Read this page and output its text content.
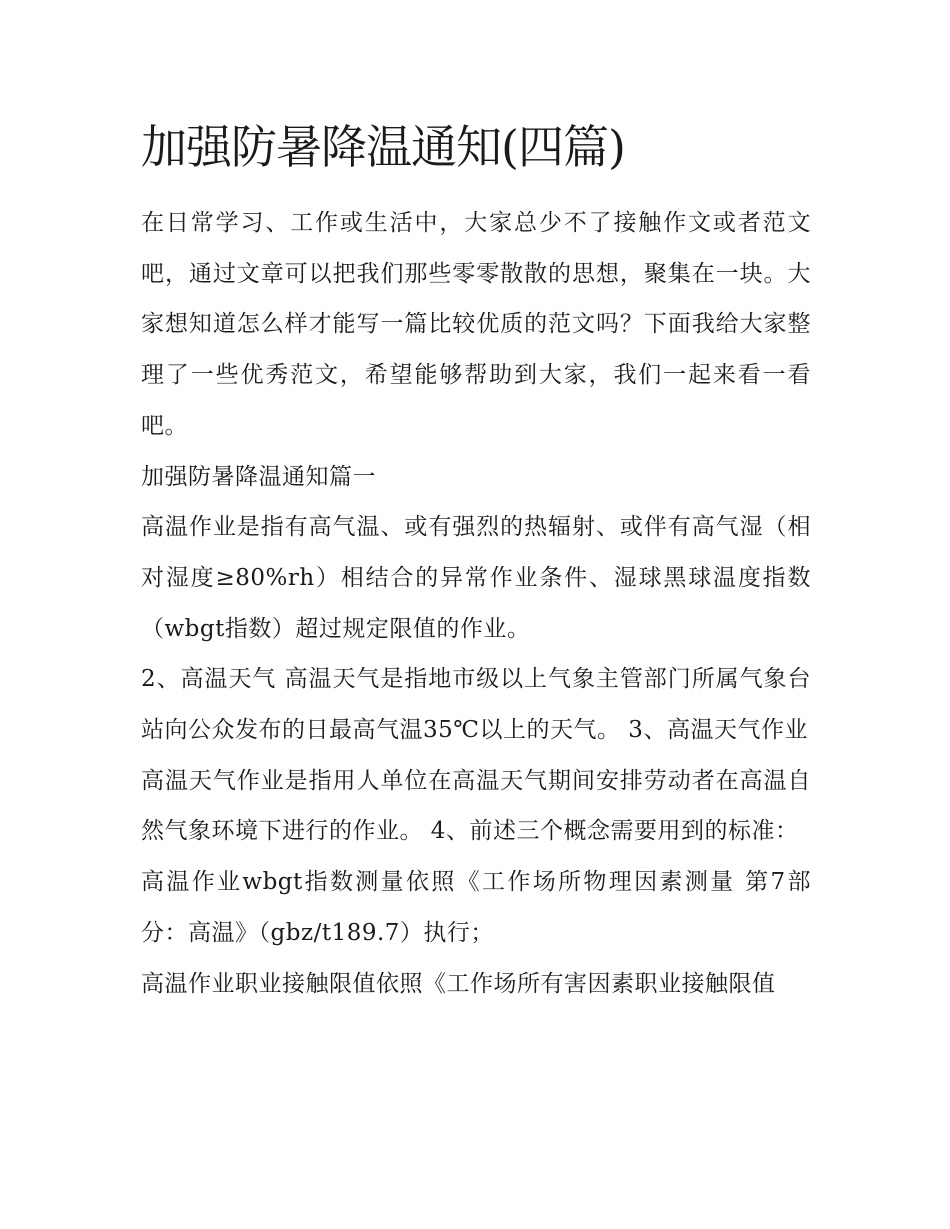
加强防暑降温通知(四篇)

在日常学习、工作或生活中，大家总少不了接触作文或者范文吧，通过文章可以把我们那些零零散散的思想，聚集在一块。大家想知道怎么样才能写一篇比较优质的范文吗？下面我给大家整理了一些优秀范文，希望能够帮助到大家，我们一起来看一看吧。

加强防暑降温通知篇一

高温作业是指有高气温、或有强烈的热辐射、或伴有高气湿（相对湿度≥80%rh）相结合的异常作业条件、湿球黑球温度指数（wbgt指数）超过规定限值的作业。

2、高温天气 高温天气是指地市级以上气象主管部门所属气象台站向公众发布的日最高气温35℃以上的天气。 3、高温天气作业

高温天气作业是指用人单位在高温天气期间安排劳动者在高温自然气象环境下进行的作业。 4、前述三个概念需要用到的标准：

高温作业wbgt指数测量依照《工作场所物理因素测量 第7部分：高温》（gbz/t189.7）执行；

高温作业职业接触限值依照《工作场所有害因素职业接触限值
